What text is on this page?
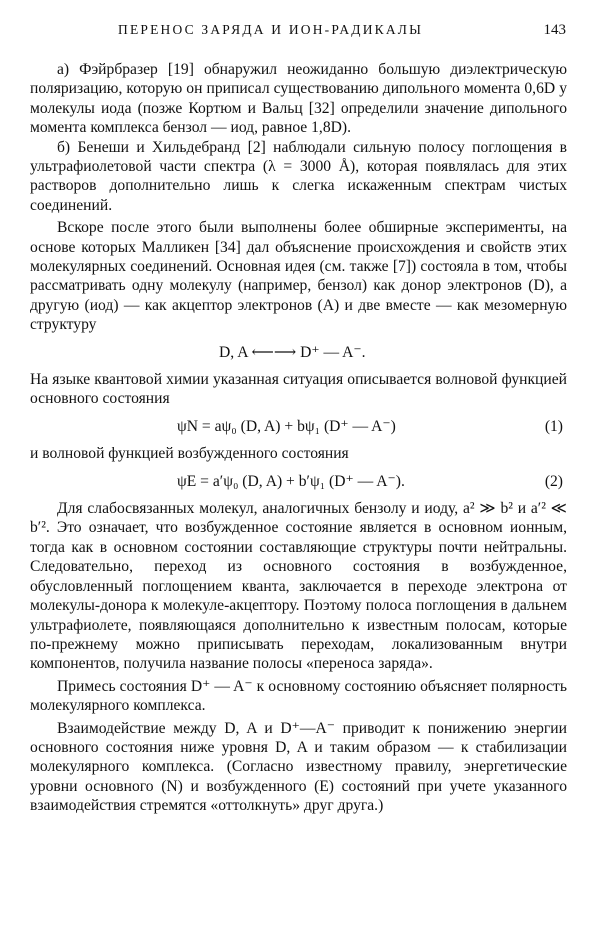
ПЕРЕНОС ЗАРЯДА И ИОН-РАДИКАЛЫ	143

а) Фэйрбразер [19] обнаружил неожиданно большую диэлектрическую поляризацию, которую он приписал существованию дипольного момента 0,6D у молекулы иода (позже Кортюм и Вальц [32] определили значение дипольного момента комплекса бензол — иод, равное 1,8D).

б) Бенеши и Хильдебранд [2] наблюдали сильную полосу поглощения в ультрафиолетовой части спектра (λ = 3000 Å), которая появлялась для этих растворов дополнительно лишь к слегка искаженным спектрам чистых соединений.

Вскоре после этого были выполнены более обширные эксперименты, на основе которых Малликен [34] дал объяснение происхождения и свойств этих молекулярных соединений. Основная идея (см. также [7]) состояла в том, чтобы рассматривать одну молекулу (например, бензол) как донор электронов (D), а другую (иод) — как акцептор электронов (A) и две вместе — как мезомерную структуру

D, A ⟵⟶ D⁺ — A⁻.

На языке квантовой химии указанная ситуация описывается волновой функцией основного состояния

ψN = aψ₀ (D, A) + bψ₁ (D⁺ — A⁻)	(1)

и волновой функцией возбужденного состояния

ψE = a′ψ₀ (D, A) + b′ψ₁ (D⁺ — A⁻).	(2)

Для слабосвязанных молекул, аналогичных бензолу и иоду, a² ≫ b² и a′² ≪ b′². Это означает, что возбужденное состояние является в основном ионным, тогда как в основном состоянии составляющие структуры почти нейтральны. Следовательно, переход из основного состояния в возбужденное, обусловленный поглощением кванта, заключается в переходе электрона от молекулы-донора к молекуле-акцептору. Поэтому полоса поглощения в дальнем ультрафиолете, появляющаяся дополнительно к известным полосам, которые по-прежнему можно приписывать переходам, локализованным внутри компонентов, получила название полосы «переноса заряда».

Примесь состояния D⁺ — A⁻ к основному состоянию объясняет полярность молекулярного комплекса.

Взаимодействие между D, A и D⁺—A⁻ приводит к понижению энергии основного состояния ниже уровня D, A и таким образом — к стабилизации молекулярного комплекса. (Согласно известному правилу, энергетические уровни основного (N) и возбужденного (E) состояний при учете указанного взаимодействия стремятся «оттолкнуть» друг друга.)
